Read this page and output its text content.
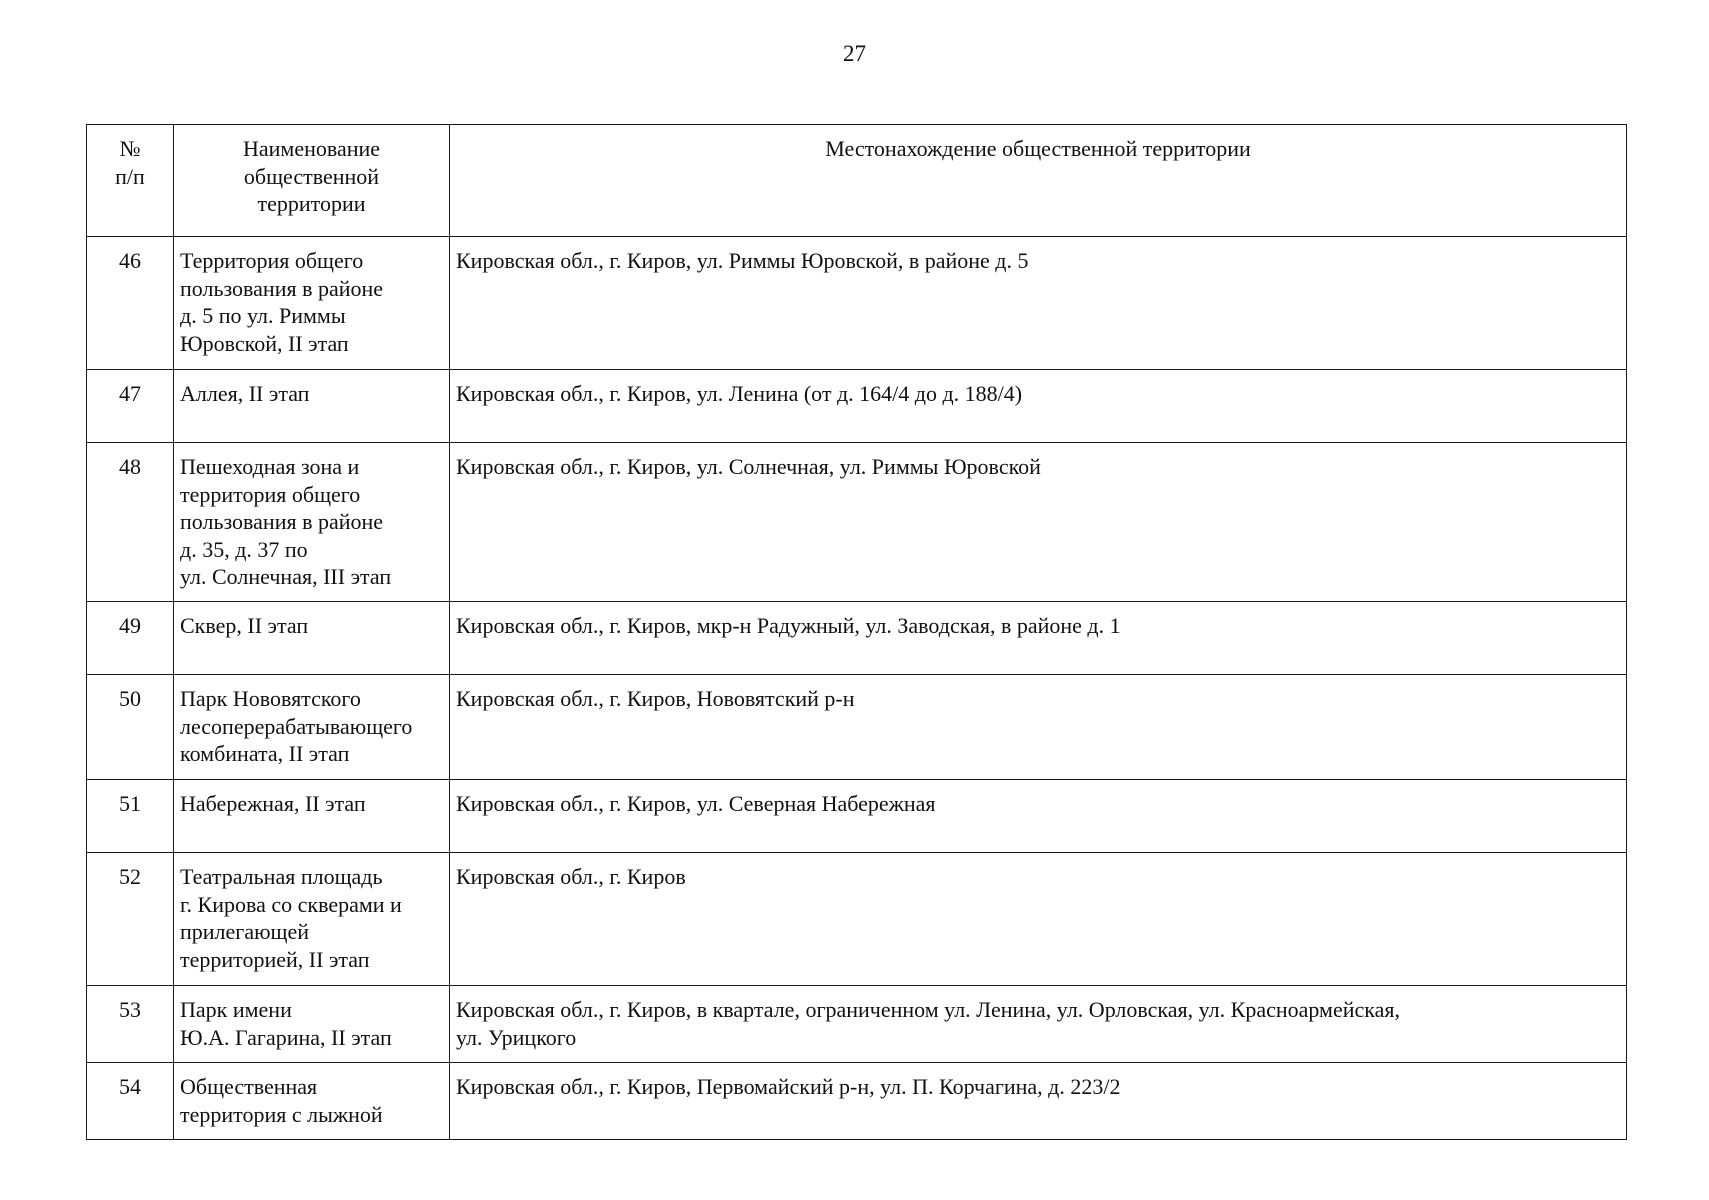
27
№
п/п	Наименование
общественной
территории	Местонахождение общественной территории
46	Территория общего
пользования в районе
д. 5 по ул. Риммы
Юровской, II этап	Кировская обл., г. Киров, ул. Риммы Юровской, в районе д. 5
47	Аллея, II этап	Кировская обл., г. Киров, ул. Ленина (от д. 164/4 до д. 188/4)
48	Пешеходная зона и
территория общего
пользования в районе
д. 35, д. 37 по
ул. Солнечная, III этап	Кировская обл., г. Киров, ул. Солнечная, ул. Риммы Юровской
49	Сквер, II этап	Кировская обл., г. Киров, мкр-н Радужный, ул. Заводская, в районе д. 1
50	Парк Нововятского
лесоперерабатывающего
комбината, II этап	Кировская обл., г. Киров, Нововятский р-н
51	Набережная, II этап	Кировская обл., г. Киров, ул. Северная Набережная
52	Театральная площадь
г. Кирова со скверами и
прилегающей
территорией, II этап	Кировская обл., г. Киров
53	Парк имени
Ю.А. Гагарина, II этап	Кировская обл., г. Киров, в квартале, ограниченном ул. Ленина, ул. Орловская, ул. Красноармейская,
ул. Урицкого

54	Общественная
территория с лыжной	Кировская обл., г. Киров, Первомайский р-н, ул. П. Корчагина, д. 223/2
